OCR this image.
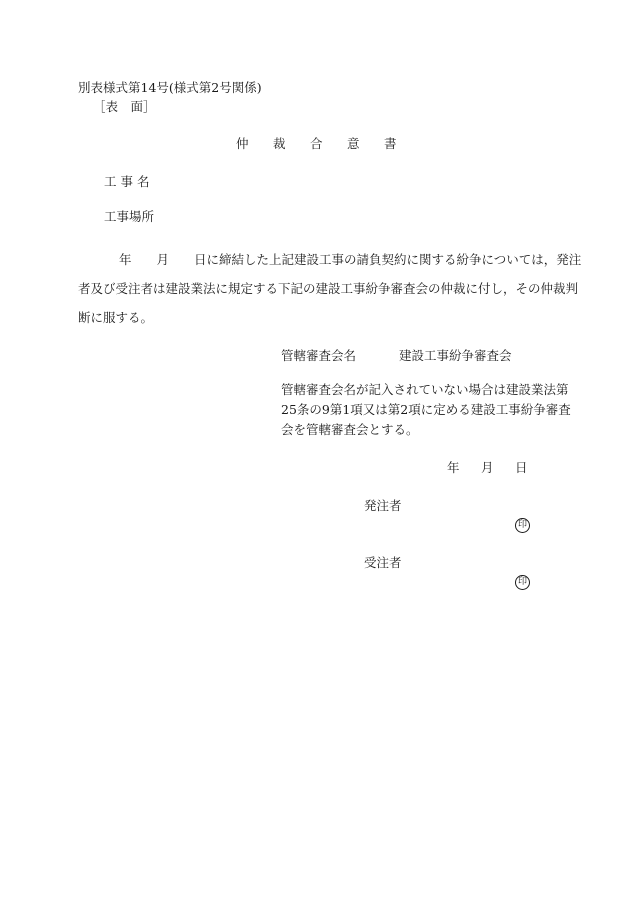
別表様式第14号(様式第2号関係)
［表　面］
仲 裁 合 意 書
工 事 名
工事場所
　　年　　月　　日に締結した上記建設工事の請負契約に関する紛争については，発注
者及び受注者は建設業法に規定する下記の建設工事紛争審査会の仲裁に付し，その仲裁判
断に服する。
管轄審査会名	建設工事紛争審査会
管轄審査会名が記入されていない場合は建設業法第
25条の9第1項又は第2項に定める建設工事紛争審査
会を管轄審査会とする。
年 月 日
発注者
印
受注者
印
